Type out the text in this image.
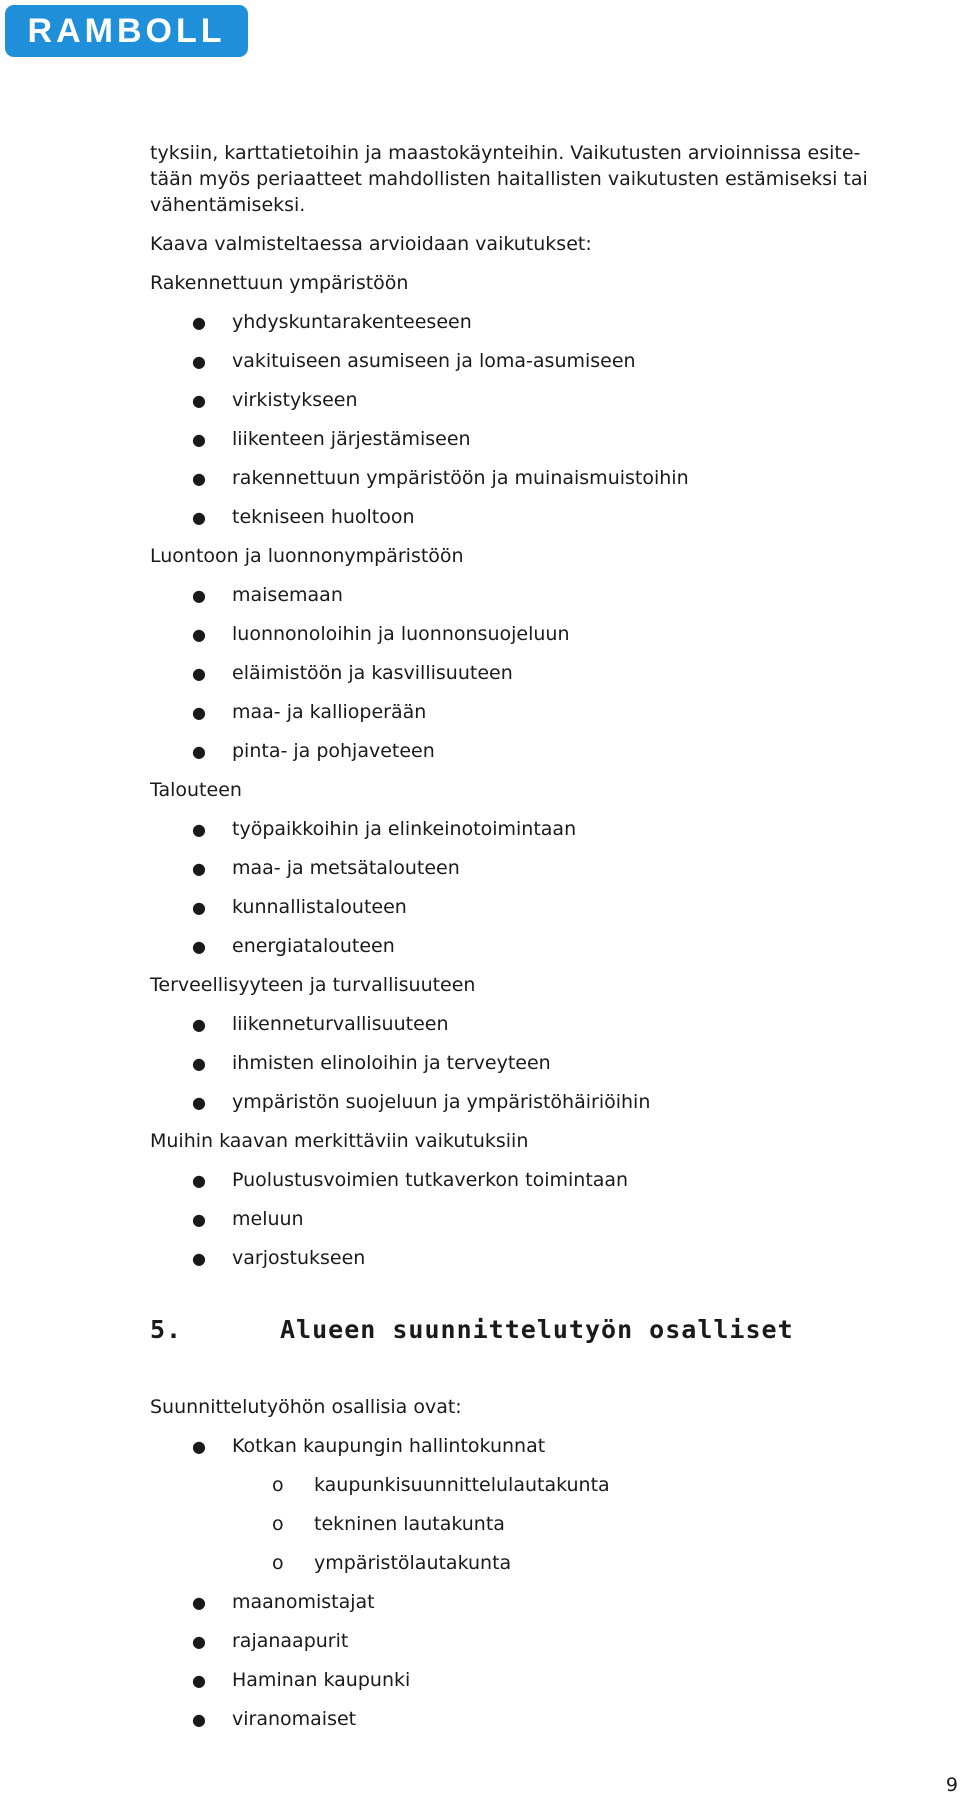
RAMBOLL

tyksiin, karttatietoihin ja maastokäynteihin. Vaikutusten arvioinnissa esite-

tään myös periaatteet mahdollisten haitallisten vaikutusten estämiseksi tai

vähentämiseksi.

Kaava valmisteltaessa arvioidaan vaikutukset:
Rakennettuun ympäristöön
● yhdyskuntarakenteeseen
● vakituiseen asumiseen ja loma-asumiseen
● virkistykseen
● liikenteen järjestämiseen
● rakennettuun ympäristöön ja muinaismuistoihin
● tekniseen huoltoon
Luontoon ja luonnonympäristöön
● maisemaan
● luonnonoloihin ja luonnonsuojeluun
● eläimistöön ja kasvillisuuteen
● maa- ja kallioperään
● pinta- ja pohjaveteen
Talouteen
● työpaikkoihin ja elinkeinotoimintaan
● maa- ja metsätalouteen
● kunnallistalouteen
● energiatalouteen
Terveellisyyteen ja turvallisuuteen
● liikenneturvallisuuteen
● ihmisten elinoloihin ja terveyteen
● ympäristön suojeluun ja ympäristöhäiriöihin
Muihin kaavan merkittäviin vaikutuksiin
● Puolustusvoimien tutkaverkon toimintaan
● meluun
● varjostukseen
5.	Alueen suunnittelutyön osalliset
Suunnittelutyöhön osallisia ovat:
● Kotkan kaupungin hallintokunnat
o kaupunkisuunnittelulautakunta
o tekninen lautakunta
o ympäristölautakunta
● maanomistajat
● rajanaapurit
● Haminan kaupunki
● viranomaiset
9
